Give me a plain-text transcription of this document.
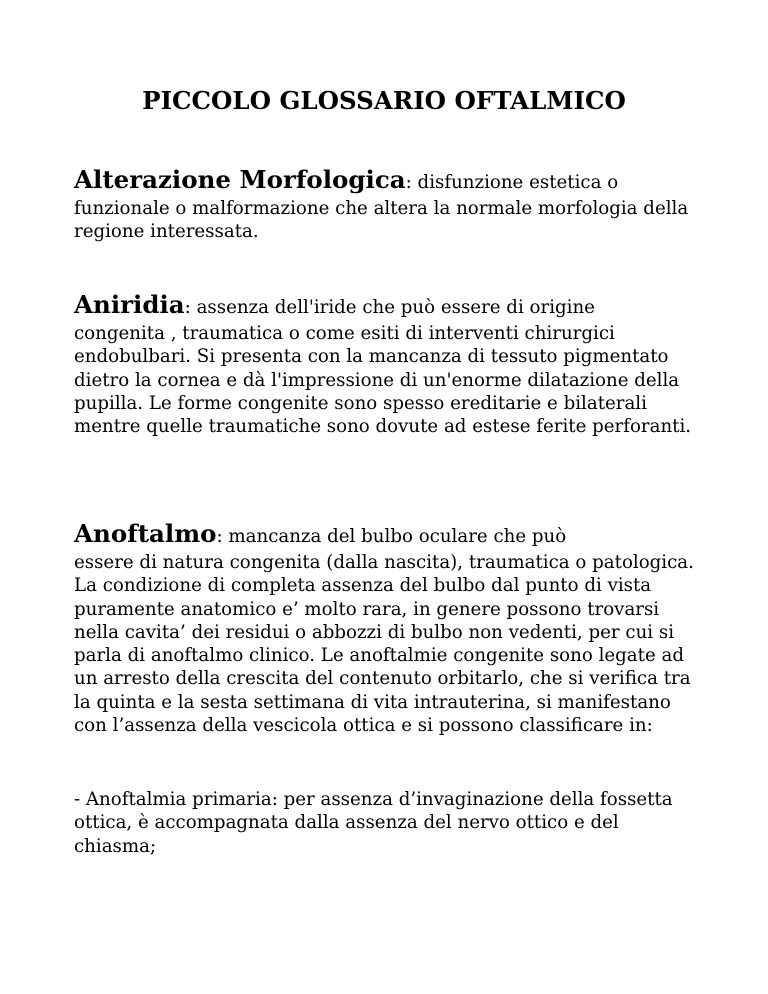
PICCOLO GLOSSARIO OFTALMICO

Alterazione Morfologica: disfunzione estetica o
funzionale o malformazione che altera la normale morfologia della regione interessata.

Aniridia: assenza dell'iride che può essere di origine
congenita , traumatica o come esiti di interventi chirurgici endobulbari. Si presenta con la mancanza di tessuto pigmentato dietro la cornea e dà l'impressione di un'enorme dilatazione della pupilla. Le forme congenite sono spesso ereditarie e bilaterali mentre quelle traumatiche sono dovute ad estese ferite perforanti.

Anoftalmo: mancanza del bulbo oculare che può
essere di natura congenita (dalla nascita), traumatica o patologica. La condizione di completa assenza del bulbo dal punto di vista puramente anatomico e’ molto rara, in genere possono trovarsi nella cavita’ dei residui o abbozzi di bulbo non vedenti, per cui si parla di anoftalmo clinico. Le anoftalmie congenite sono legate ad un arresto della crescita del contenuto orbitarlo, che si verifica tra la quinta e la sesta settimana di vita intrauterina, si manifestano con l’assenza della vescicola ottica e si possono classificare in:

- Anoftalmia primaria: per assenza d’invaginazione della fossetta ottica, è accompagnata dalla assenza del nervo ottico e del chiasma;
